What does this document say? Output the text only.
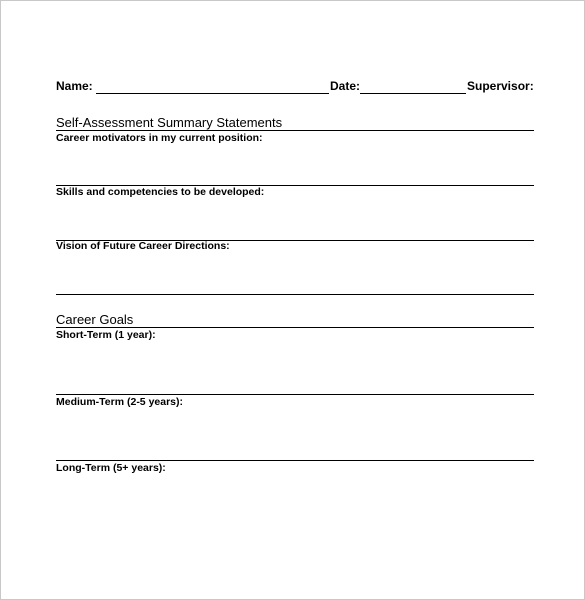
Name:	Date:	Supervisor:
Self-Assessment Summary Statements
Career motivators in my current position:
Skills and competencies to be developed:
Vision of Future Career Directions:
Career Goals
Short-Term (1 year):
Medium-Term (2-5 years):
Long-Term (5+ years):
